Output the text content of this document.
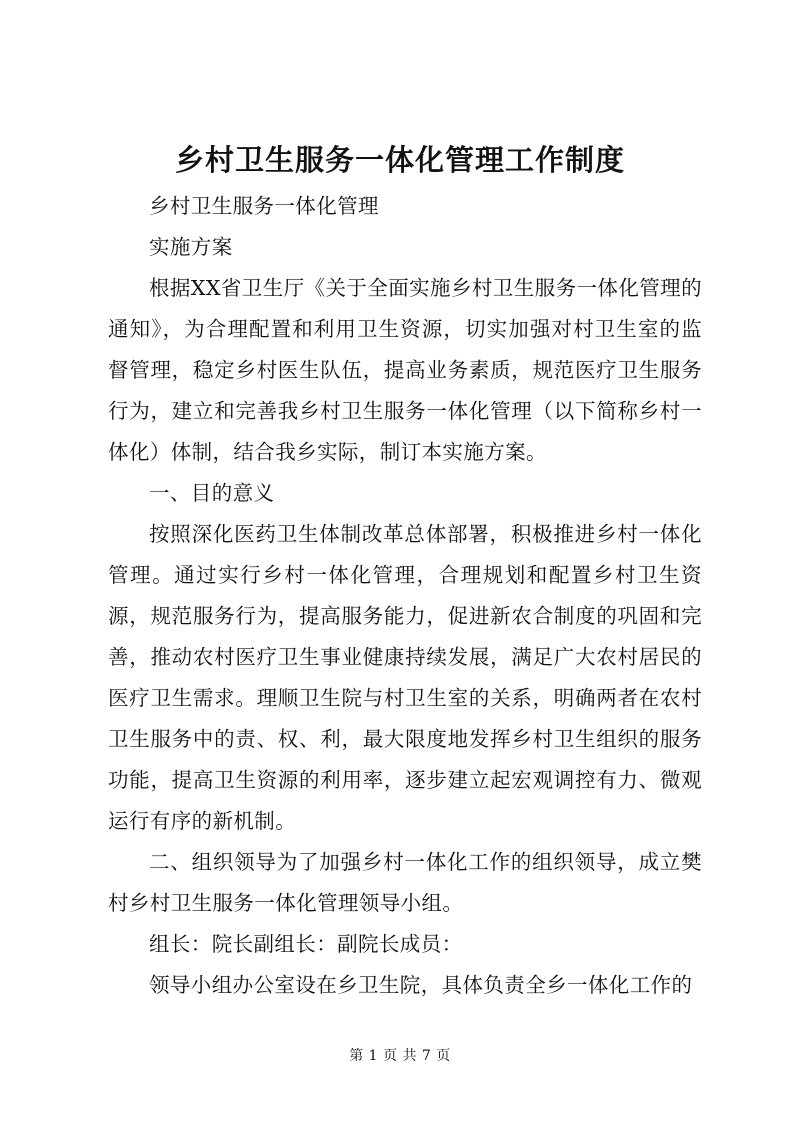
乡村卫生服务一体化管理工作制度

乡村卫生服务一体化管理

实施方案

根据XX省卫生厅《关于全面实施乡村卫生服务一体化管理的通知》，为合理配置和利用卫生资源，切实加强对村卫生室的监督管理，稳定乡村医生队伍，提高业务素质，规范医疗卫生服务行为，建立和完善我乡村卫生服务一体化管理（以下简称乡村一体化）体制，结合我乡实际，制订本实施方案。

一、目的意义

按照深化医药卫生体制改革总体部署，积极推进乡村一体化管理。通过实行乡村一体化管理，合理规划和配置乡村卫生资源，规范服务行为，提高服务能力，促进新农合制度的巩固和完善，推动农村医疗卫生事业健康持续发展，满足广大农村居民的医疗卫生需求。理顺卫生院与村卫生室的关系，明确两者在农村卫生服务中的责、权、利，最大限度地发挥乡村卫生组织的服务功能，提高卫生资源的利用率，逐步建立起宏观调控有力、微观运行有序的新机制。

二、组织领导为了加强乡村一体化工作的组织领导，成立樊村乡村卫生服务一体化管理领导小组。

组长：院长副组长：副院长成员：

领导小组办公室设在乡卫生院，具体负责全乡一体化工作的

第 1 页 共 7 页
